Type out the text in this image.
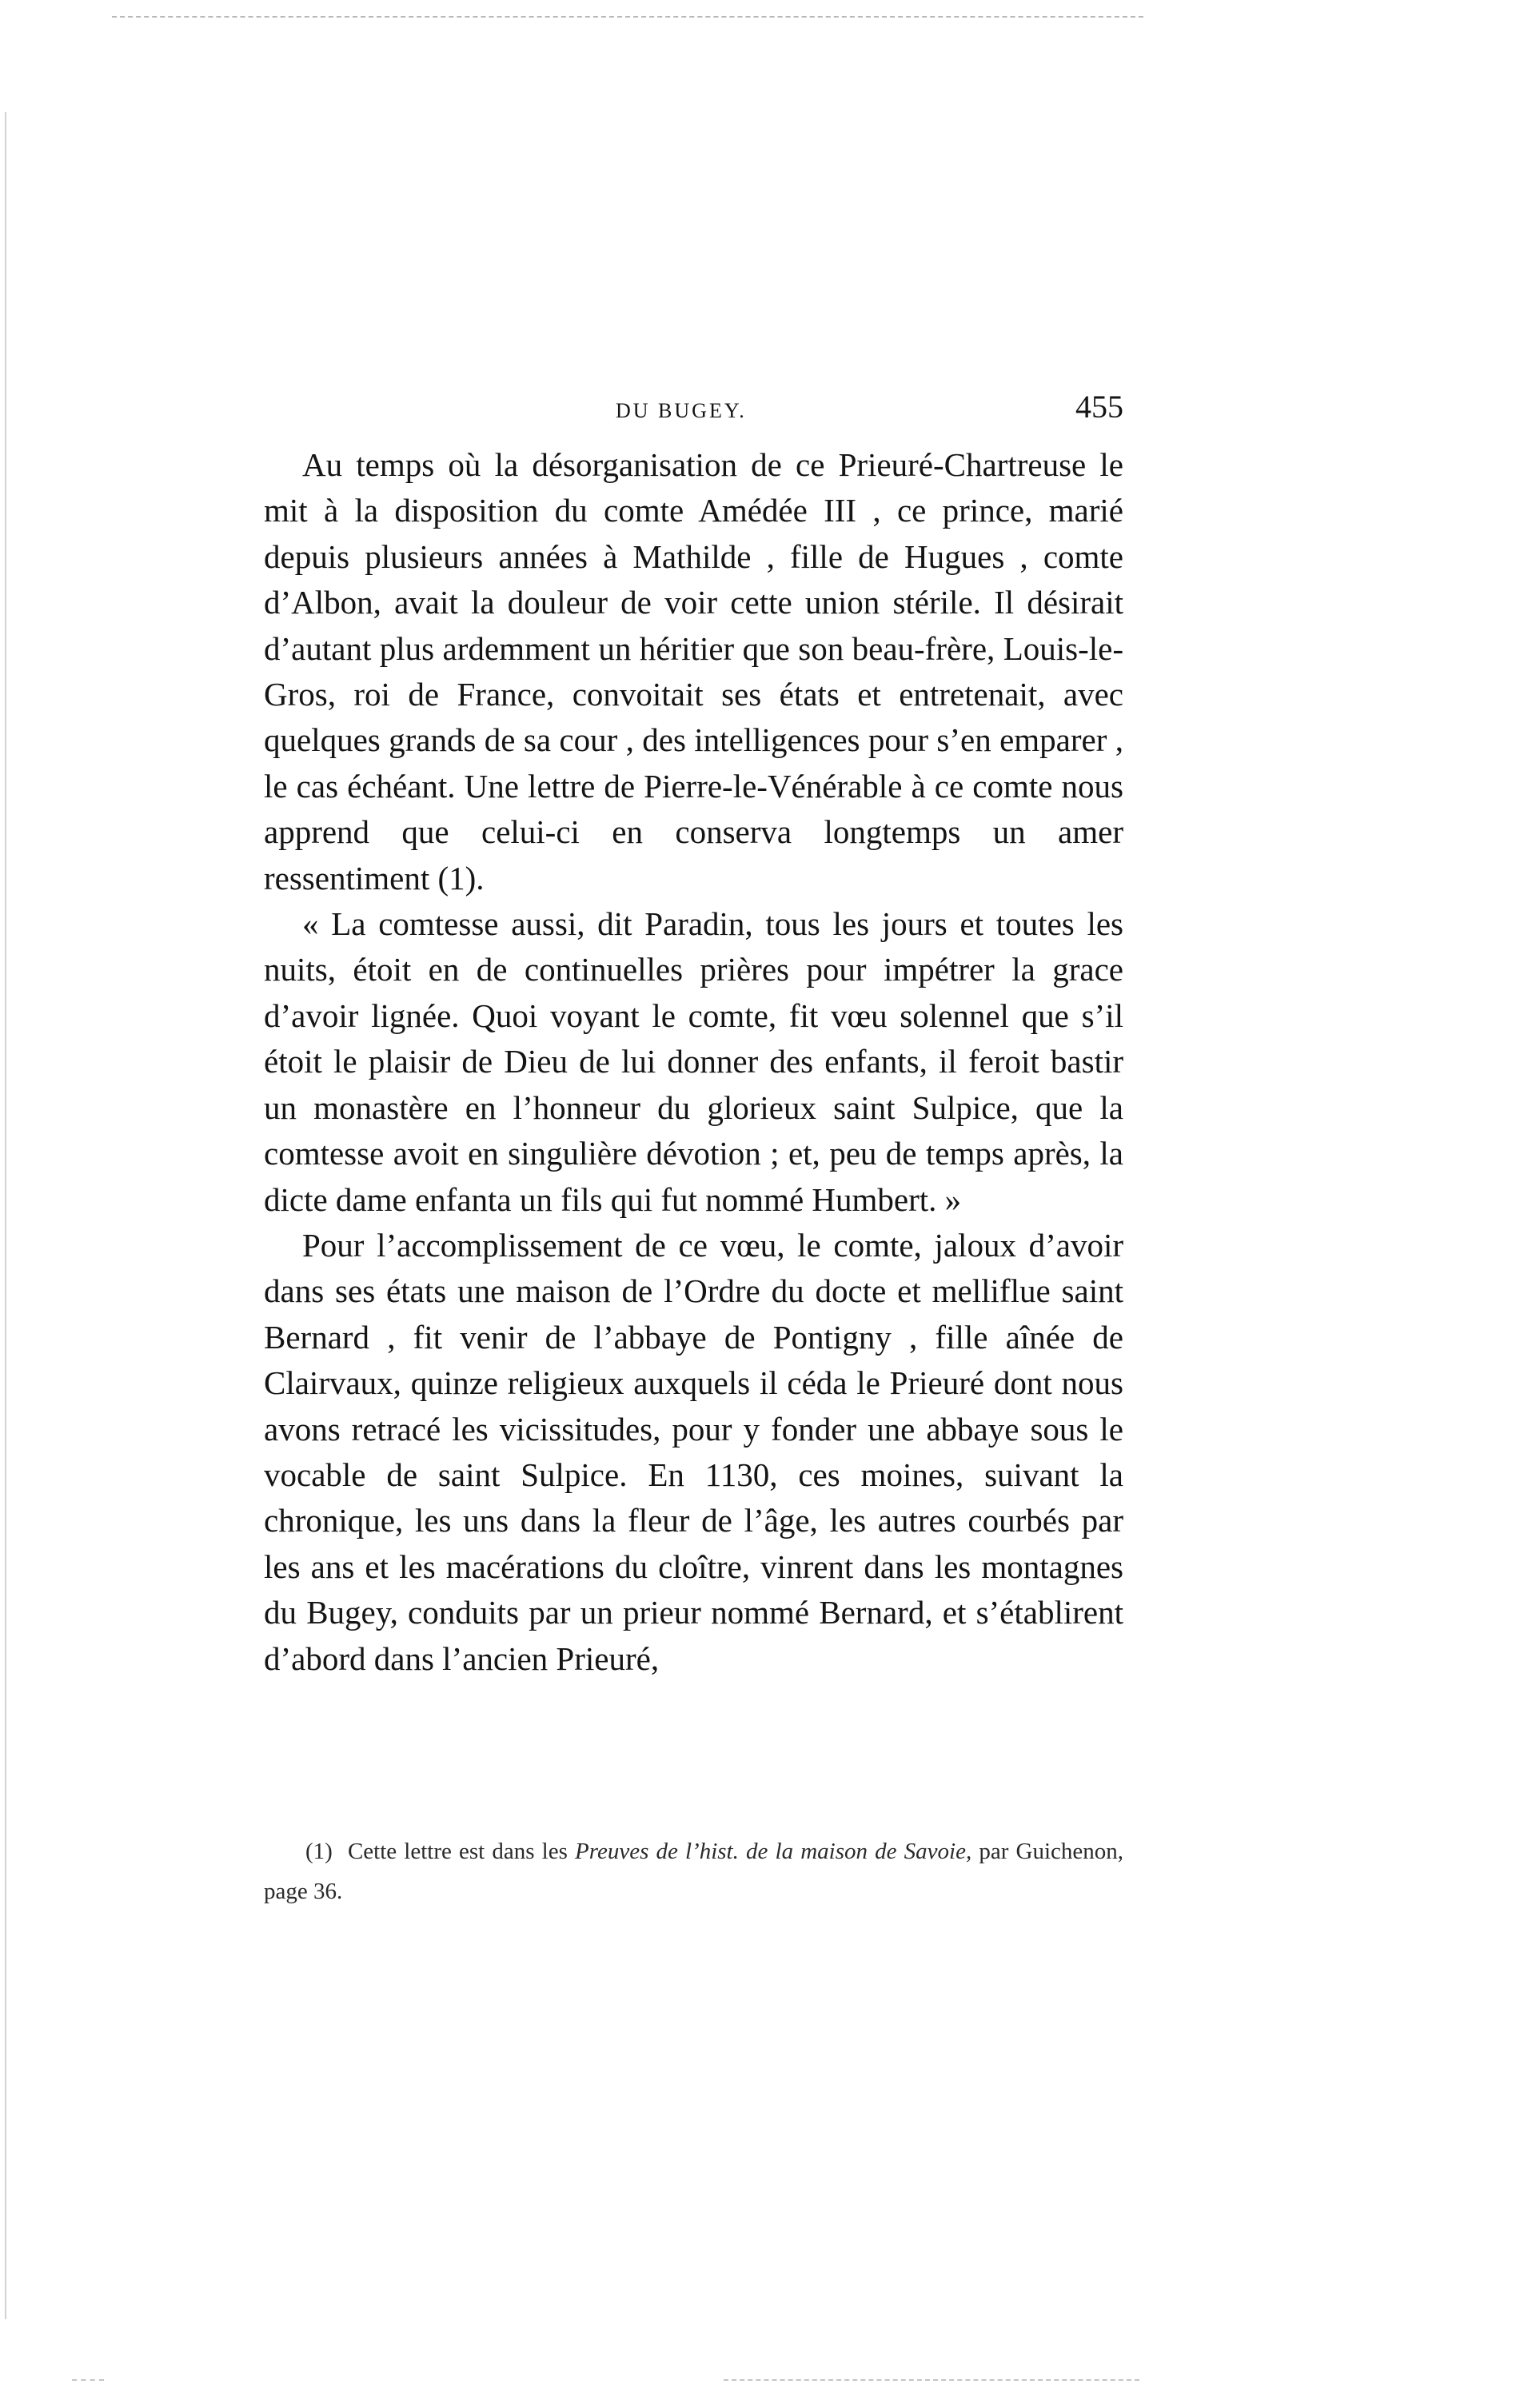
DU BUGEY.	455

Au temps où la désorganisation de ce Prieuré-Chartreuse le mit à la disposition du comte Amédée III , ce prince, marié depuis plusieurs années à Mathilde , fille de Hugues , comte d’Albon, avait la douleur de voir cette union stérile. Il désirait d’autant plus ardemment un héritier que son beau-frère, Louis-le-Gros, roi de France, convoitait ses états et entretenait, avec quelques grands de sa cour , des intelligences pour s’en emparer , le cas échéant. Une lettre de Pierre-le-Vénérable à ce comte nous apprend que celui-ci en conserva longtemps un amer ressentiment (1).

« La comtesse aussi, dit Paradin, tous les jours et toutes les nuits, étoit en de continuelles prières pour impétrer la grace d’avoir lignée. Quoi voyant le comte, fit vœu solennel que s’il étoit le plaisir de Dieu de lui donner des enfants, il feroit bastir un monastère en l’honneur du glorieux saint Sulpice, que la comtesse avoit en singulière dévotion ; et, peu de temps après, la dicte dame enfanta un fils qui fut nommé Humbert. »

Pour l’accomplissement de ce vœu, le comte, jaloux d’avoir dans ses états une maison de l’Ordre du docte et melliflue saint Bernard , fit venir de l’abbaye de Pontigny , fille aînée de Clairvaux, quinze religieux auxquels il céda le Prieuré dont nous avons retracé les vicissitudes, pour y fonder une abbaye sous le vocable de saint Sulpice. En 1130, ces moines, suivant la chronique, les uns dans la fleur de l’âge, les autres courbés par les ans et les macérations du cloître, vinrent dans les montagnes du Bugey, conduits par un prieur nommé Bernard, et s’établirent d’abord dans l’ancien Prieuré,

(1) Cette lettre est dans les Preuves de l’hist. de la maison de Savoie, par Guichenon, page 36.
